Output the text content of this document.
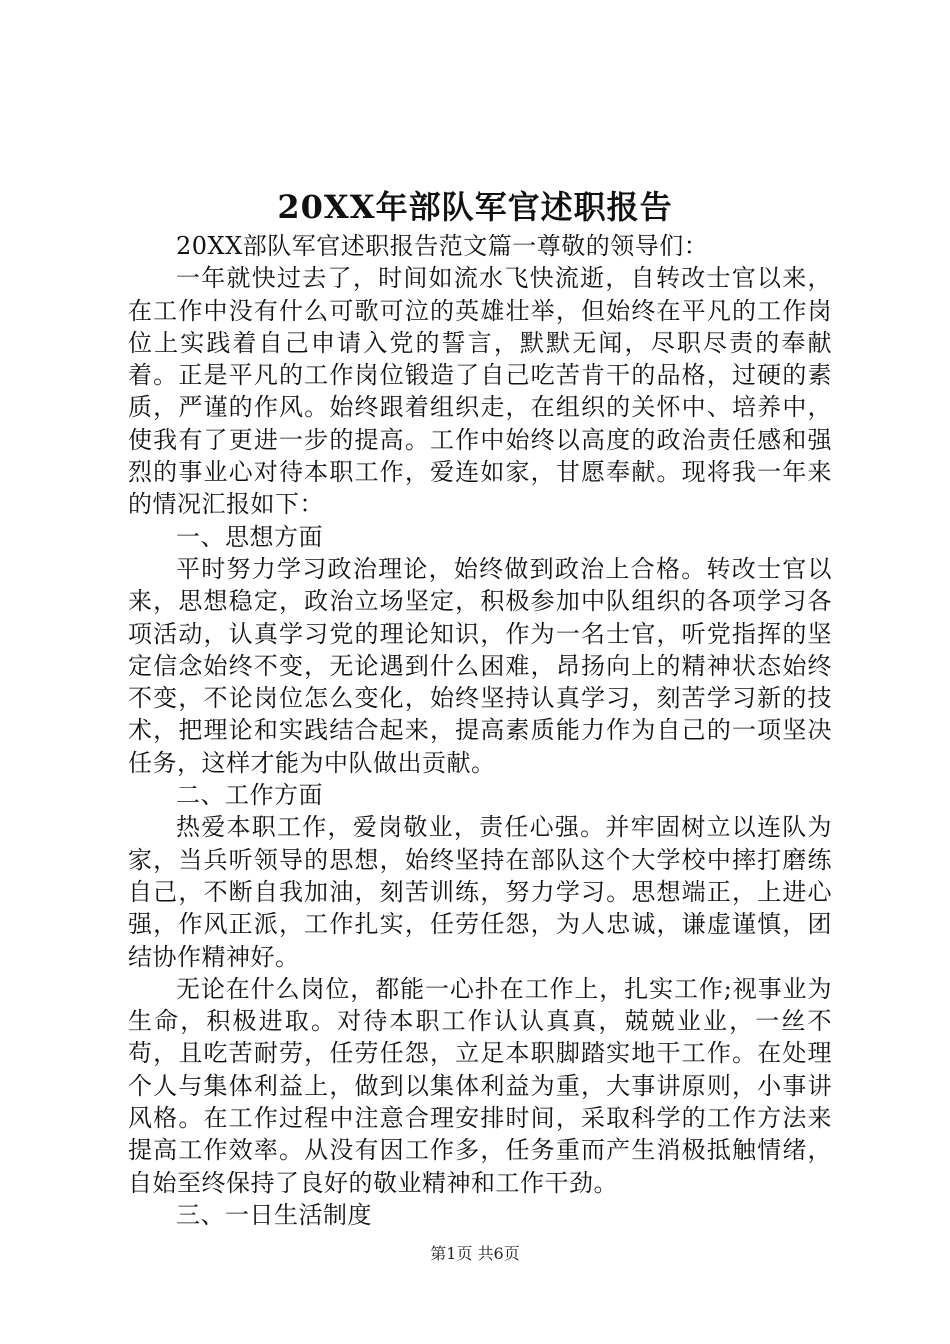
20XX年部队军官述职报告

20XX部队军官述职报告范文篇一尊敬的领导们：

一年就快过去了，时间如流水飞快流逝，自转改士官以来，在工作中没有什么可歌可泣的英雄壮举，但始终在平凡的工作岗位上实践着自己申请入党的誓言，默默无闻，尽职尽责的奉献着。正是平凡的工作岗位锻造了自己吃苦肯干的品格，过硬的素质，严谨的作风。始终跟着组织走，在组织的关怀中、培养中，使我有了更进一步的提高。工作中始终以高度的政治责任感和强烈的事业心对待本职工作，爱连如家，甘愿奉献。现将我一年来的情况汇报如下：

一、思想方面

平时努力学习政治理论，始终做到政治上合格。转改士官以来，思想稳定，政治立场坚定，积极参加中队组织的各项学习各项活动，认真学习党的理论知识，作为一名士官，听党指挥的坚定信念始终不变，无论遇到什么困难，昂扬向上的精神状态始终不变，不论岗位怎么变化，始终坚持认真学习，刻苦学习新的技术，把理论和实践结合起来，提高素质能力作为自己的一项坚决任务，这样才能为中队做出贡献。

二、工作方面

热爱本职工作，爱岗敬业，责任心强。并牢固树立以连队为家，当兵听领导的思想，始终坚持在部队这个大学校中摔打磨练自己，不断自我加油，刻苦训练，努力学习。思想端正，上进心强，作风正派，工作扎实，任劳任怨，为人忠诚，谦虚谨慎，团结协作精神好。

无论在什么岗位，都能一心扑在工作上，扎实工作;视事业为生命，积极进取。对待本职工作认认真真，兢兢业业，一丝不苟，且吃苦耐劳，任劳任怨，立足本职脚踏实地干工作。在处理个人与集体利益上，做到以集体利益为重，大事讲原则，小事讲风格。在工作过程中注意合理安排时间，采取科学的工作方法来提高工作效率。从没有因工作多，任务重而产生消极抵触情绪，自始至终保持了良好的敬业精神和工作干劲。

三、一日生活制度

第1页 共6页
